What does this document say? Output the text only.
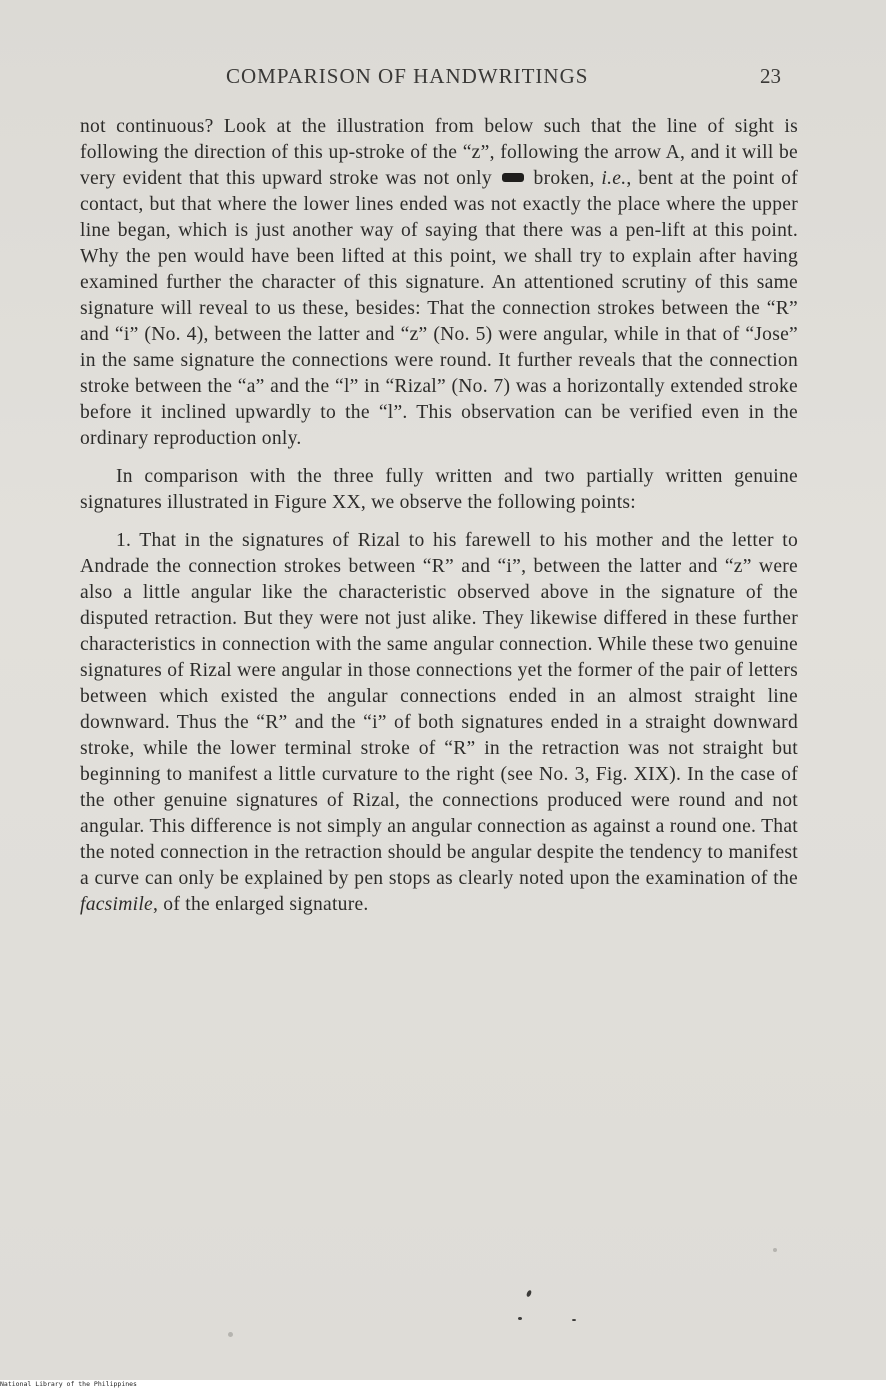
COMPARISON OF HANDWRITINGS	23

not continuous? Look at the illustration from below such that the line of sight is following the direction of this up-stroke of the “z”, following the arrow A, and it will be very evident that this upward stroke was not only broken, i.e., bent at the point of contact, but that where the lower lines ended was not exactly the place where the upper line began, which is just another way of saying that there was a pen-lift at this point. Why the pen would have been lifted at this point, we shall try to explain after having examined further the character of this signature. An attentioned scrutiny of this same signature will reveal to us these, besides: That the connection strokes between the “R” and “i” (No. 4), between the latter and “z” (No. 5) were angular, while in that of “Jose” in the same signature the connections were round. It further reveals that the connection stroke between the “a” and the “l” in “Rizal” (No. 7) was a horizontally extended stroke before it inclined upwardly to the “l”. This observation can be verified even in the ordinary reproduction only.

In comparison with the three fully written and two partially written genuine signatures illustrated in Figure XX, we observe the following points:

1. That in the signatures of Rizal to his farewell to his mother and the letter to Andrade the connection strokes between “R” and “i”, between the latter and “z” were also a little angular like the characteristic observed above in the signature of the disputed retraction. But they were not just alike. They likewise differed in these further characteristics in connection with the same angular connection. While these two genuine signatures of Rizal were angular in those connections yet the former of the pair of letters between which existed the angular connections ended in an almost straight line downward. Thus the “R” and the “i” of both signatures ended in a straight downward stroke, while the lower terminal stroke of “R” in the retraction was not straight but beginning to manifest a little curvature to the right (see No. 3, Fig. XIX). In the case of the other genuine signatures of Rizal, the connections produced were round and not angular. This difference is not simply an angular connection as against a round one. That the noted connection in the retraction should be angular despite the tendency to manifest a curve can only be explained by pen stops as clearly noted upon the examination of the facsimile, of the enlarged signature.

National Library of the Philippines
